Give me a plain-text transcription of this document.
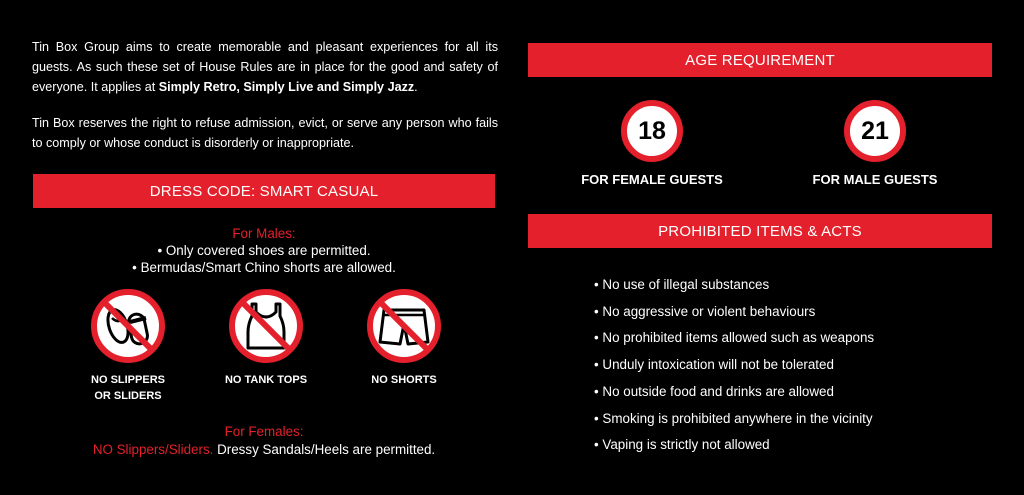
Tin Box Group aims to create memorable and pleasant experiences for all its guests. As such these set of House Rules are in place for the good and safety of everyone. It applies at Simply Retro, Simply Live and Simply Jazz.

Tin Box reserves the right to refuse admission, evict, or serve any person who fails to comply or whose conduct is disorderly or inappropriate.

DRESS CODE: SMART CASUAL
For Males:
• Only covered shoes are permitted.
• Bermudas/Smart Chino shorts are allowed.
NO SLIPPERS
OR SLIDERS
NO TANK TOPS	NO SHORTS
For Females:
NO Slippers/Sliders. Dressy Sandals/Heels are permitted.
AGE REQUIREMENT
18
FOR FEMALE GUESTS
21
FOR MALE GUESTS
PROHIBITED ITEMS & ACTS
• No use of illegal substances
• No aggressive or violent behaviours
• No prohibited items allowed such as weapons
• Unduly intoxication will not be tolerated
• No outside food and drinks are allowed
• Smoking is prohibited anywhere in the vicinity
• Vaping is strictly not allowed
